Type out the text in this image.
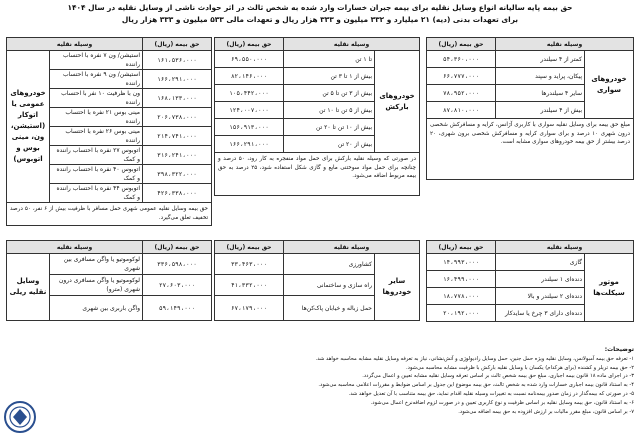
حق بیمه پایه سالیانه انواع وسایل نقلیه برای بیمه جبران خسارات وارد شده به شخص ثالث در اثر حوادث ناشی از وسایل نقلیه در سال ۱۴۰۴
برای تعهدات بدنی (دیه) ۲۱ میلیارد و ۳۳۲ میلیون و ۳۳۳ هزار ریال و تعهدات مالی ۵۳۳ میلیون و ۳۳۳ هزار ریال
وسیله نقلیه		حق بیمه (ریال)
خودروهای سواری	کمتر از ۴ سیلندر	۵۴،۳۶۰،۰۰۰
	پیکان، پراید و سپند	۶۶،۷۷۷،۰۰۰
	سایر ۴ سیلندرها	۷۸،۹۵۲،۰۰۰
	بیش از ۴ سیلندر	۸۷،۸۱۰،۰۰۰
مبلغ حق بیمه برای وسایل نقلیه سواری با کاربری آژانس، کرایه و مسافرکش شخصی درون شهری ۱۰ درصد و برای سواری کرایه و مسافرکش شخصی برون شهری، ۲۰ درصد بیشتر از حق بیمه خودروهای سواری مشابه است.		
وسیله نقلیه		حق بیمه (ریال)
خودروهای بارکش	تا ۱ تن	۶۹،۵۵۰،۰۰۰
	بیش از ۱ تا ۳ تن	۸۲،۱۴۶،۰۰۰
	بیش از ۳ تن تا ۵ تن	۱۰۵،۴۴۲،۰۰۰
	بیش از ۵ تن تا ۱۰ تن	۱۲۴،۰۰۷،۰۰۰
	بیش از ۱۰ تن تا ۲۰ تن	۱۵۶،۹۱۳،۰۰۰
	بیش از ۲۰ تن	۱۶۶،۲۹۱،۰۰۰
در صورتی که وسیله نقلیه بارکش برای حمل مواد منفجره به کار رود، ۵۰ درصد و چنانچه برای حمل مواد سوختنی مایع و گازی شکل استفاده شود، ۲۵ درصد به حق بیمه مربوط اضافه می‌شود.		
حق بیمه (ریال)	وسیله نقلیه	
۱۶۱،۵۳۶،۰۰۰	استیشن/ ون ۷ نفره با احتساب راننده	خودروهای عمومی یا اتوکار (استیشن، ون، مینی بوس و اتوبوس)
۱۶۶،۲۹۱،۰۰۰	استیشن/ ون ۹ نفره با احتساب راننده	
۱۶۸،۱۳۳،۰۰۰	ون با ظرفیت ۱۰ نفر با احتساب راننده	
۲۰۶،۷۳۸،۰۰۰	مینی بوس ۲۱ نفره با احتساب راننده	
۲۱۴،۷۴۱،۰۰۰	مینی بوس ۲۶ نفره با احتساب راننده	
۳۱۶،۲۴۱،۰۰۰	اتوبوس ۲۷ نفره با احتساب راننده و کمک	
۳۹۸،۳۲۲،۰۰۰	اتوبوس ۴۰ نفره با احتساب راننده و کمک	
۴۲۶،۳۳۸،۰۰۰	اتوبوس ۴۴ نفره با احتساب راننده و کمک	
حق بیمه وسایل نقلیه عمومی شهری حمل مسافر با ظرفیت بیش از ۶ نفر، ۵۰ درصد تخفیف تعلق می‌گیرد.		
وسیله نقلیه		حق بیمه (ریال)
موتور سیکلت‌ها	گازی	۱۴،۹۹۳،۰۰۰
	دنده‌ای ۱ سیلندر	۱۶،۴۹۹،۰۰۰
	دنده‌ای ۲ سیلندر و بالا	۱۸،۷۷۸،۰۰۰
	دنده‌ای دارای ۳ چرخ یا سایدکار	۲۰،۱۹۲،۰۰۰
وسیله نقلیه		حق بیمه (ریال)
سایر خودروها	کشاورزی	۳۳،۴۶۳،۰۰۰
	راه سازی و ساختمانی	۴۱،۳۳۲،۰۰۰
	حمل زباله و خیابان پاک‌کن‌ها	۶۷،۱۷۹،۰۰۰
حق بیمه (ریال)	وسیله نقلیه	
۳۳۶،۵۹۸،۰۰۰	لوکوموتیو یا واگن مسافری بین شهری	وسایل نقلیه ریلی
۲۷،۶۰۳،۰۰۰	لوکوموتیو یا واگن مسافری درون شهری (مترو)	
۵۹،۱۴۹،۰۰۰	واگن باربری بین شهری	
توضیحات:
۱- تعرفه حق بیمه آمبولانس، وسایل نقلیه ویژه حمل جنین، حمل وسایل رادیولوژی و آتش‌نشانی، نیاز به تعرفه وسایل نقلیه مشابه محاسبه خواهد شد.
۲- حق بیمه تریلر و کشنده (برای هرکدام) یکسان با وسایل نقلیه بارکش با ظرفیت مشابه محاسبه می‌شود.
۳- در اجرای ماده ۱۸ قانون بیمه اجباری، مبلغ حق بیمه شخص ثالث بر اساس تعرفه وسایل نقلیه مشابه تعیین و اعمال می‌گردد.
۴- به استناد قانون بیمه اجباری خسارات وارد شده به شخص ثالث، حق بیمه موضوع این جدول بر اساس ضوابط و مقررات اعلامی محاسبه می‌شود.
۵- در صورتی که بیمه‌گذار در زمان صدور بیمه‌نامه نسبت به تغییرات وسیله نقلیه اقدام نماید، حق بیمه متناسب با آن تعدیل خواهد شد.
۶- به استناد قانون، حق بیمه وسایل نقلیه بر اساس ظرفیت و نوع کاربری تعیین و در صورت لزوم اضافه‌نرخ اعمال می‌شود.
۷- بر اساس قانون، مبلغ مقرر مالیات بر ارزش افزوده به حق بیمه اضافه می‌شود.
